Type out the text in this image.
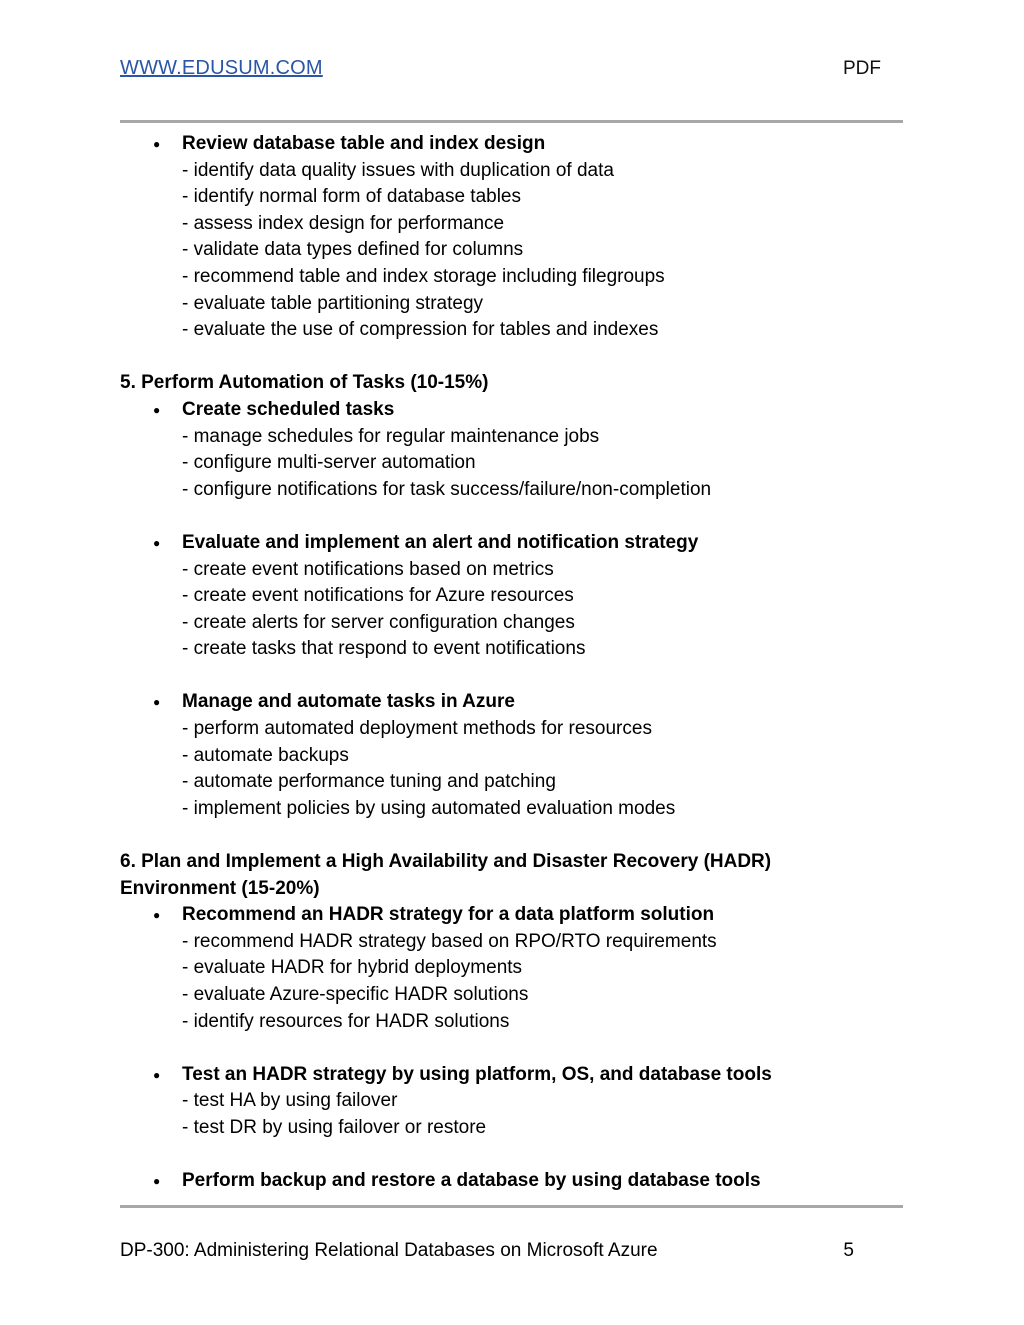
WWW.EDUSUM.COM	PDF
●	Review database table and index design
- identify data quality issues with duplication of data
- identify normal form of database tables
- assess index design for performance
- validate data types defined for columns
- recommend table and index storage including filegroups
- evaluate table partitioning strategy
- evaluate the use of compression for tables and indexes
5. Perform Automation of Tasks (10-15%)
●	Create scheduled tasks
- manage schedules for regular maintenance jobs
- configure multi-server automation
- configure notifications for task success/failure/non-completion
●	Evaluate and implement an alert and notification strategy
- create event notifications based on metrics
- create event notifications for Azure resources
- create alerts for server configuration changes
- create tasks that respond to event notifications
●	Manage and automate tasks in Azure
- perform automated deployment methods for resources
- automate backups
- automate performance tuning and patching
- implement policies by using automated evaluation modes
6. Plan and Implement a High Availability and Disaster Recovery (HADR)
Environment (15-20%)
●	Recommend an HADR strategy for a data platform solution
- recommend HADR strategy based on RPO/RTO requirements
- evaluate HADR for hybrid deployments
- evaluate Azure-specific HADR solutions
- identify resources for HADR solutions
●	Test an HADR strategy by using platform, OS, and database tools
- test HA by using failover
- test DR by using failover or restore
●	Perform backup and restore a database by using database tools
DP-300: Administering Relational Databases on Microsoft Azure	5
